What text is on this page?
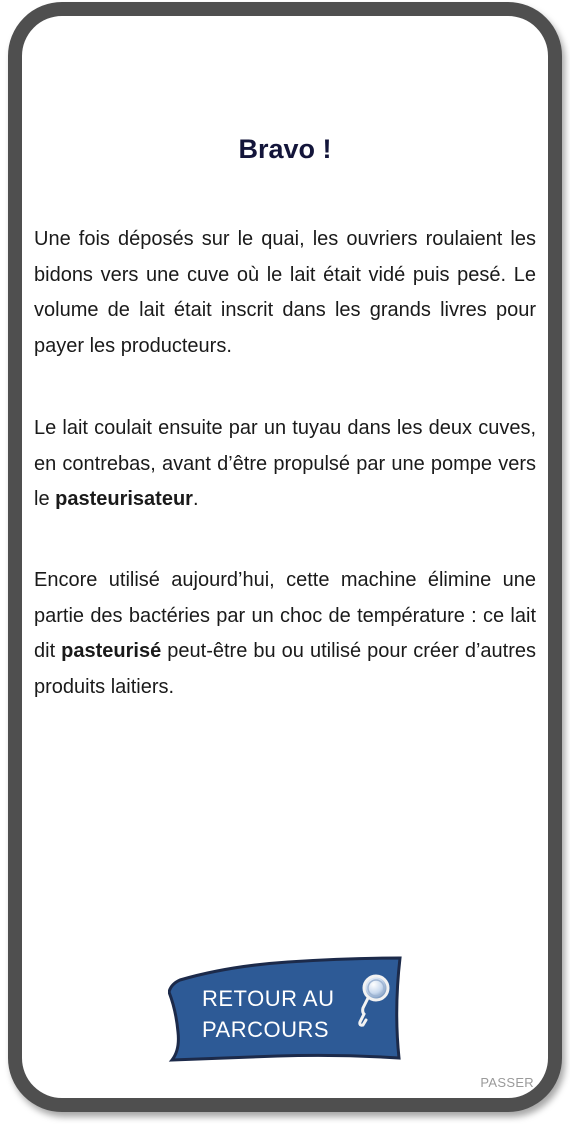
Bravo !

Une fois déposés sur le quai, les ouvriers roulaient les bidons vers une cuve où le lait était vidé puis pesé. Le volume de lait était inscrit dans les grands livres pour payer les producteurs.

Le lait coulait ensuite par un tuyau dans les deux cuves, en contrebas, avant d’être propulsé par une pompe vers le pasteurisateur.

Encore utilisé aujourd’hui, cette machine élimine une partie des bactéries par un choc de température : ce lait dit pasteurisé peut-être bu ou utilisé pour créer d’autres produits laitiers.

RETOUR AU
PARCOURS
PASSER
